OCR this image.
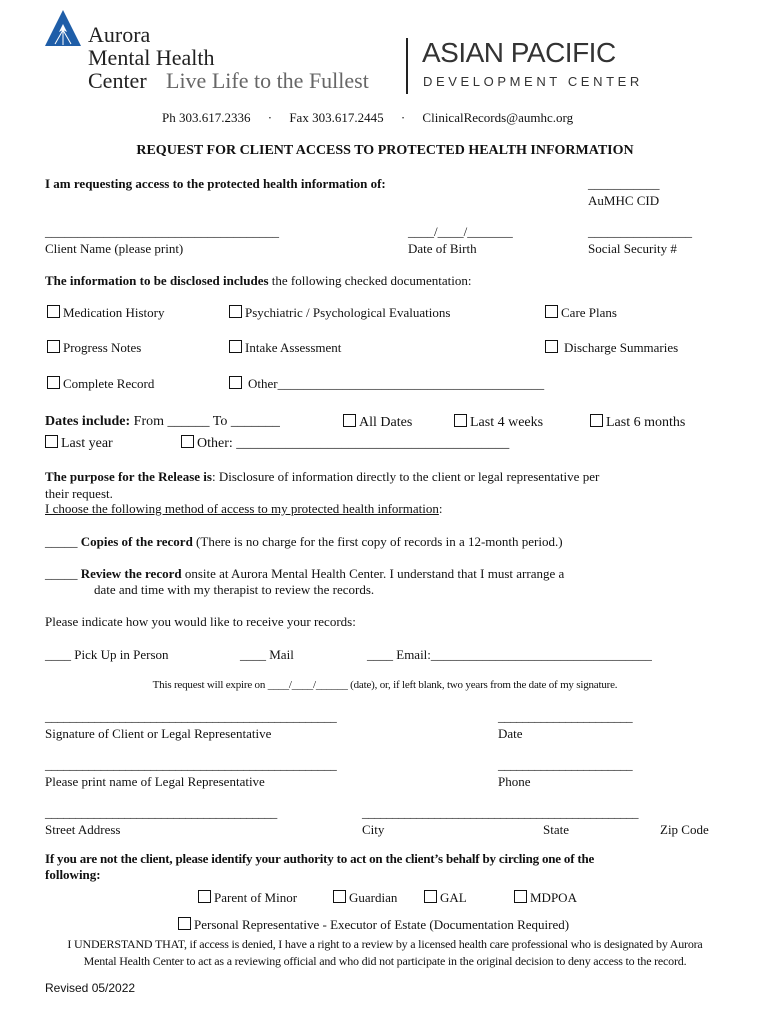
Aurora
Mental Health
Center Live Life to the Fullest
ASIAN PACIFIC
DEVELOPMENT CENTER
Ph 303.617.2336 · Fax 303.617.2445 · ClinicalRecords@aumhc.org
REQUEST FOR CLIENT ACCESS TO PROTECTED HEALTH INFORMATION
I am requesting access to the protected health information of:	___________
AuMHC CID
____________________________________
Client Name (please print)
____/____/_______
Date of Birth
________________
Social Security #
The information to be disclosed includes the following checked documentation:
Medication History	Psychiatric / Psychological Evaluations	Care Plans
Progress Notes	Intake Assessment	Discharge Summaries
Complete Record	Other_________________________________________
Dates include: From ______ To _______	All Dates	Last 4 weeks	Last 6 months
Last year	Other: _______________________________________
The purpose for the Release is: Disclosure of information directly to the client or legal representative per
their request.
I choose the following method of access to my protected health information:
_____ Copies of the record (There is no charge for the first copy of records in a 12-month period.)
_____ Review the record onsite at Aurora Mental Health Center. I understand that I must arrange a
date and time with my therapist to review the records.
Please indicate how you would like to receive your records:
____ Pick Up in Person	____ Mail	____ Email:__________________________________
This request will expire on ____/____/______ (date), or, if left blank, two years from the date of my signature.
_______________________________________________
Signature of Client or Legal Representative
______________________
Date
_______________________________________________
Please print name of Legal Representative
______________________
Phone
______________________________________
Street Address
______________________________________________
City	State	Zip Code
If you are not the client, please identify your authority to act on the client’s behalf by circling one of the
following:
Parent of Minor	Guardian	GAL	MDPOA
Personal Representative - Executor of Estate (Documentation Required)
I UNDERSTAND THAT, if access is denied, I have a right to a review by a licensed health care professional who is designated by Aurora
Mental Health Center to act as a reviewing official and who did not participate in the original decision to deny access to the record.
Revised 05/2022
